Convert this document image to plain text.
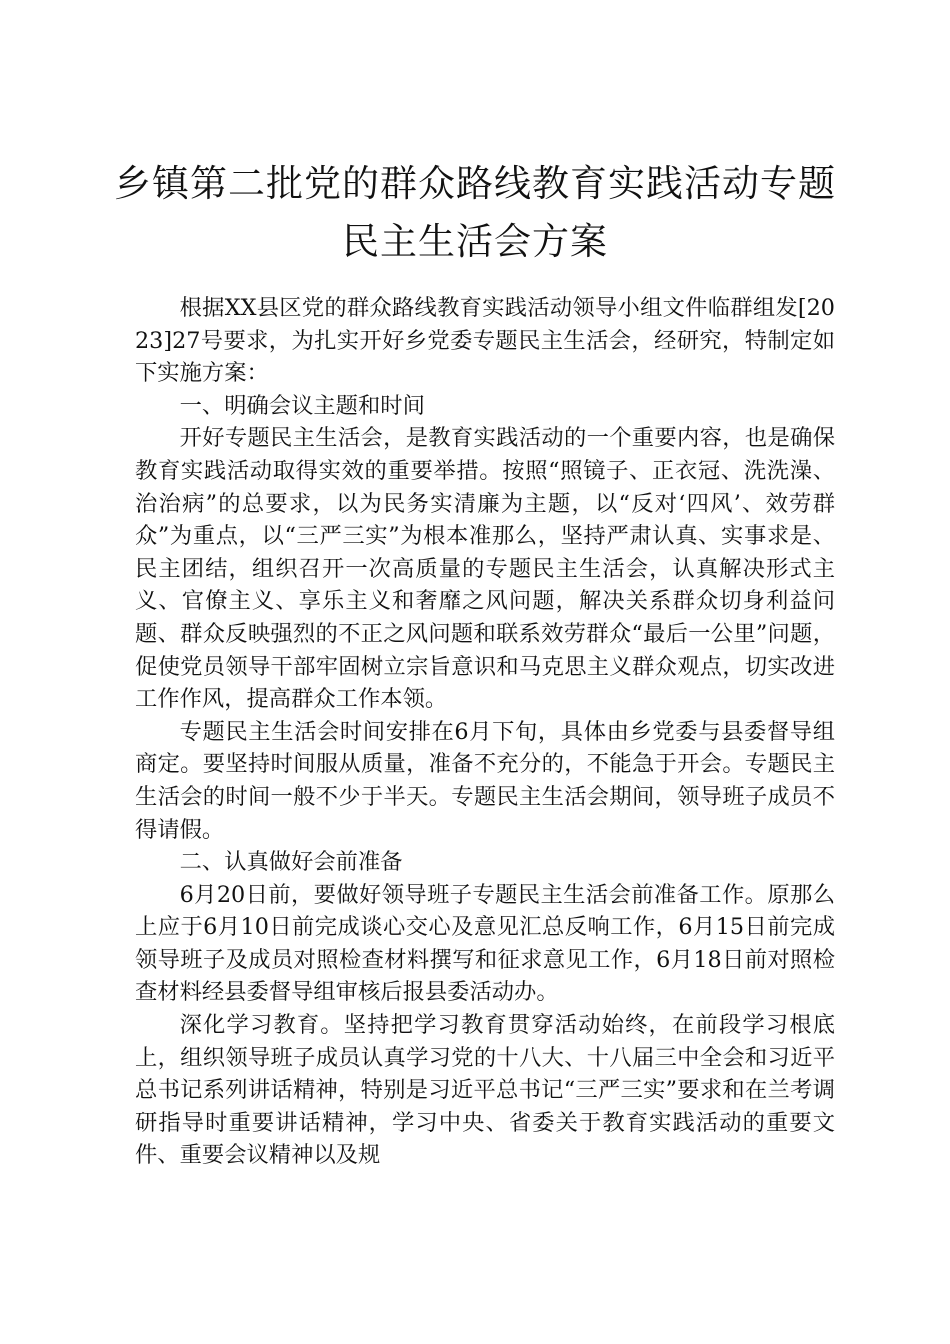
乡镇第二批党的群众路线教育实践活动专题
民主生活会方案

根据XX县区党的群众路线教育实践活动领导小组文件临群组发[2023]27号要求，为扎实开好乡党委专题民主生活会，经研究，特制定如下实施方案：

一、明确会议主题和时间

开好专题民主生活会，是教育实践活动的一个重要内容，也是确保教育实践活动取得实效的重要举措。按照“照镜子、正衣冠、洗洗澡、治治病”的总要求，以为民务实清廉为主题，以“反对‘四风’、效劳群众”为重点，以“三严三实”为根本准那么，坚持严肃认真、实事求是、民主团结，组织召开一次高质量的专题民主生活会，认真解决形式主义、官僚主义、享乐主义和奢靡之风问题，解决关系群众切身利益问题、群众反映强烈的不正之风问题和联系效劳群众“最后一公里”问题，促使党员领导干部牢固树立宗旨意识和马克思主义群众观点，切实改进工作作风，提高群众工作本领。

专题民主生活会时间安排在6月下旬，具体由乡党委与县委督导组商定。要坚持时间服从质量，准备不充分的，不能急于开会。专题民主生活会的时间一般不少于半天。专题民主生活会期间，领导班子成员不得请假。

二、认真做好会前准备

6月20日前，要做好领导班子专题民主生活会前准备工作。原那么上应于6月10日前完成谈心交心及意见汇总反响工作，6月15日前完成领导班子及成员对照检查材料撰写和征求意见工作，6月18日前对照检查材料经县委督导组审核后报县委活动办。

深化学习教育。坚持把学习教育贯穿活动始终，在前段学习根底上，组织领导班子成员认真学习党的十八大、十八届三中全会和习近平总书记系列讲话精神，特别是习近平总书记“三严三实”要求和在兰考调研指导时重要讲话精神，学习中央、省委关于教育实践活动的重要文件、重要会议精神以及规
